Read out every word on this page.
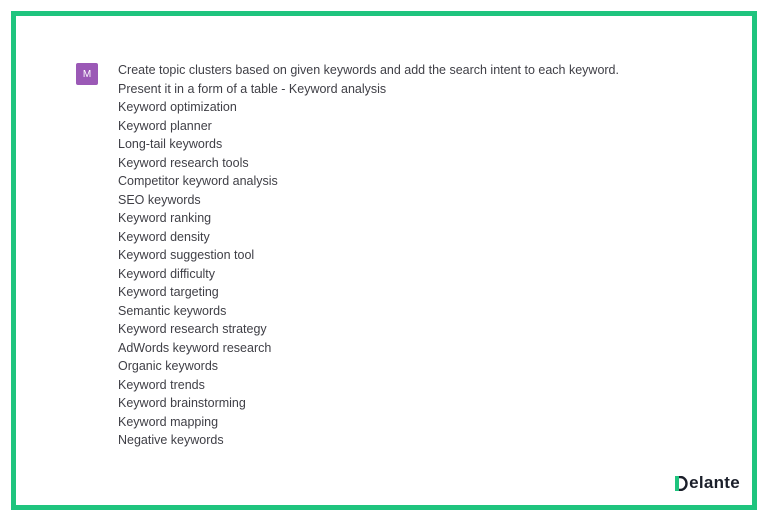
M	Create topic clusters based on given keywords and add the search intent to each keyword.
Present it in a form of a table - Keyword analysis
Keyword optimization
Keyword planner
Long-tail keywords
Keyword research tools
Competitor keyword analysis
SEO keywords
Keyword ranking
Keyword density
Keyword suggestion tool
Keyword difficulty
Keyword targeting
Semantic keywords
Keyword research strategy
AdWords keyword research
Organic keywords
Keyword trends
Keyword brainstorming
Keyword mapping
Negative keywords
elante
